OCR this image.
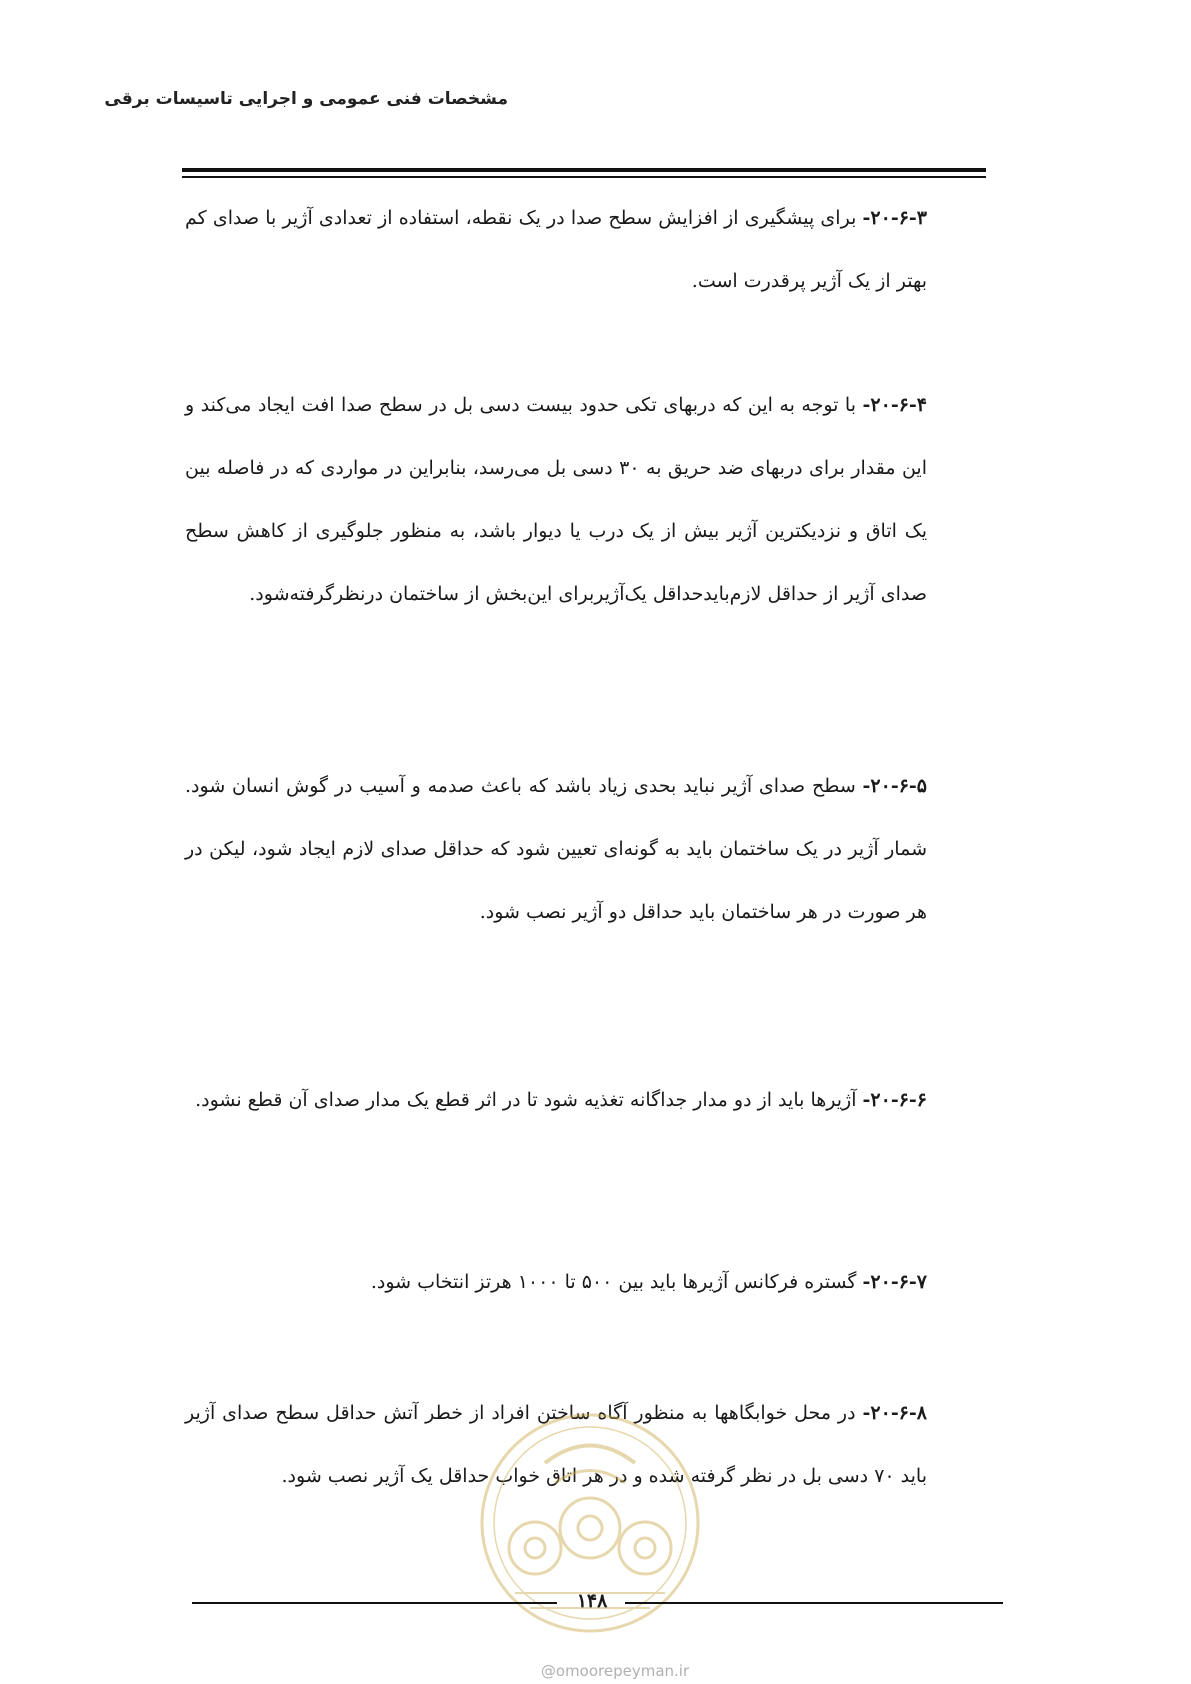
مشخصات فنی عمومی و اجرایی تاسیسات برقی

۲۰-۶-۳- برای پیشگیری از افزایش سطح صدا در یک نقطه، استفاده از تعدادی آژیر با صدای کم بهتر از یک آژیر پرقدرت است.

۲۰-۶-۴- با توجه به این که دربهای تکی حدود بیست دسی بل در سطح صدا افت ایجاد می‌کند و این مقدار برای دربهای ضد حریق به ۳۰ دسی بل می‌رسد، بنابراین در مواردی که در فاصله بین یک اتاق و نزدیکترین آژیر بیش از یک درب یا دیوار باشد، به منظور جلوگیری از کاهش سطح صدای آژیر از حداقل لازم‌بایدحداقل یک‌آژیربرای این‌بخش از ساختمان درنظرگرفته‌شود.

۲۰-۶-۵- سطح صدای آژیر نباید بحدی زیاد باشد که باعث صدمه و آسیب در گوش انسان شود. شمار آژیر در یک ساختمان باید به گونه‌ای تعیین شود که حداقل صدای لازم ایجاد شود، لیکن در هر صورت در هر ساختمان باید حداقل دو آژیر نصب شود.

۲۰-۶-۶- آژیرها باید از دو مدار جداگانه تغذیه شود تا در اثر قطع یک مدار صدای آن قطع نشود.

۲۰-۶-۷- گستره فرکانس آژیرها باید بین ۵۰۰ تا ۱۰۰۰ هرتز انتخاب شود.

۲۰-۶-۸- در محل خوابگاهها به منظور آگاه ساختن افراد از خطر آتش حداقل سطح صدای آژیر باید ۷۰ دسی بل در نظر گرفته شده و در هر اتاق خواب حداقل یک آژیر نصب شود.

۱۴۸
@omoorepeyman.ir
